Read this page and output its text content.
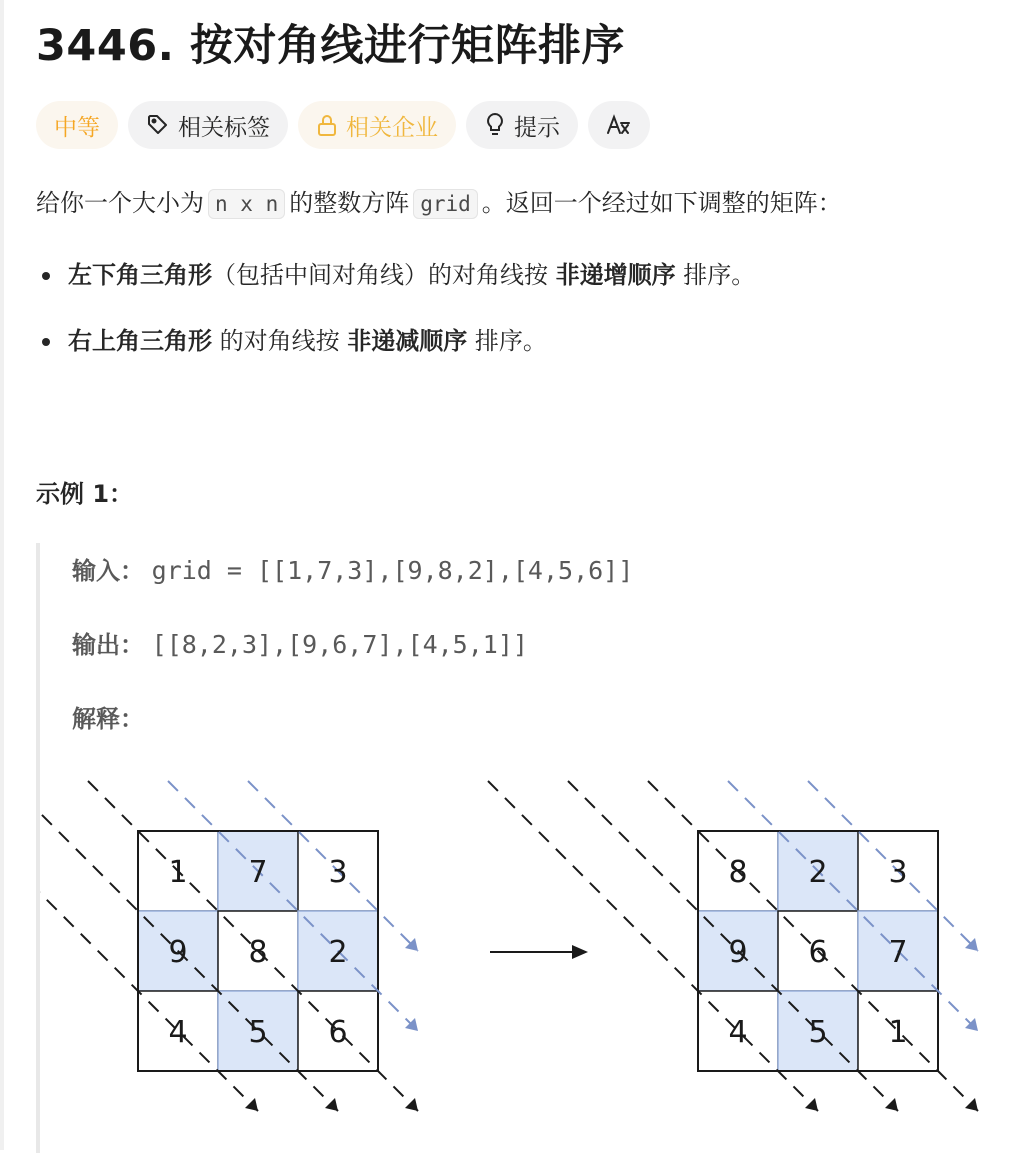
3446. 按对角线进行矩阵排序
中等	相关标签	相关企业	提示
给你一个大小为 n x n 的整数方阵 grid 。返回一个经过如下调整的矩阵：
左下角三角形（包括中间对角线）的对角线按 非递增顺序 排序。
右上角三角形 的对角线按 非递减顺序 排序。
示例 1：
输入： grid = [[1,7,3],[9,8,2],[4,5,6]]
输出： [[8,2,3],[9,6,7],[4,5,1]]
解释：
1 7 3
9 8 2
4 5 6
8 2 3
9 6 7
4 5 1
